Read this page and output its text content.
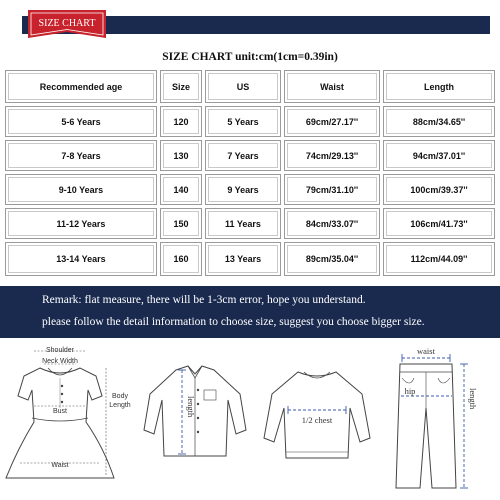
SIZE CHART
SIZE CHART unit:cm(1cm=0.39in)
Recommended age	Size	US	Waist	Length
5-6 Years	120	5 Years	69cm/27.17''	88cm/34.65''
7-8 Years	130	7 Years	74cm/29.13''	94cm/37.01''
9-10 Years	140	9 Years	79cm/31.10''	100cm/39.37''
11-12 Years	150	11 Years	84cm/33.07''	106cm/41.73''
13-14 Years	160	13 Years	89cm/35.04''	112cm/44.09''
Remark: flat measure, there will be 1-3cm error, hope you understand.
please follow the detail information to choose size, suggest you choose bigger size.
Shoulder
Neck Width
Bust
Waist
Body
Length	length
1/2 chest
waist
hip	length
